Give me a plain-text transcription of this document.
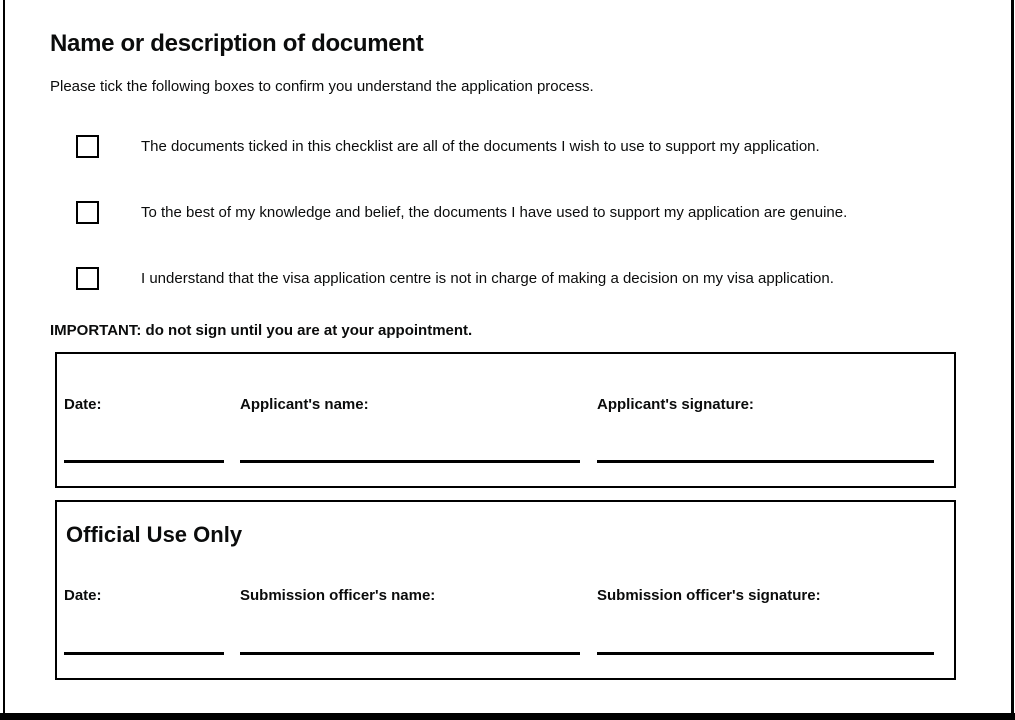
Name or description of document
Please tick the following boxes to confirm you understand the application process.
The documents ticked in this checklist are all of the documents I wish to use to support my application.
To the best of my knowledge and belief, the documents I have used to support my application are genuine.
I understand that the visa application centre is not in charge of making a decision on my visa application.
IMPORTANT: do not sign until you are at your appointment.
Date:	Applicant's name:	Applicant's signature:
Official Use Only
Date:	Submission officer's name:	Submission officer's signature:
